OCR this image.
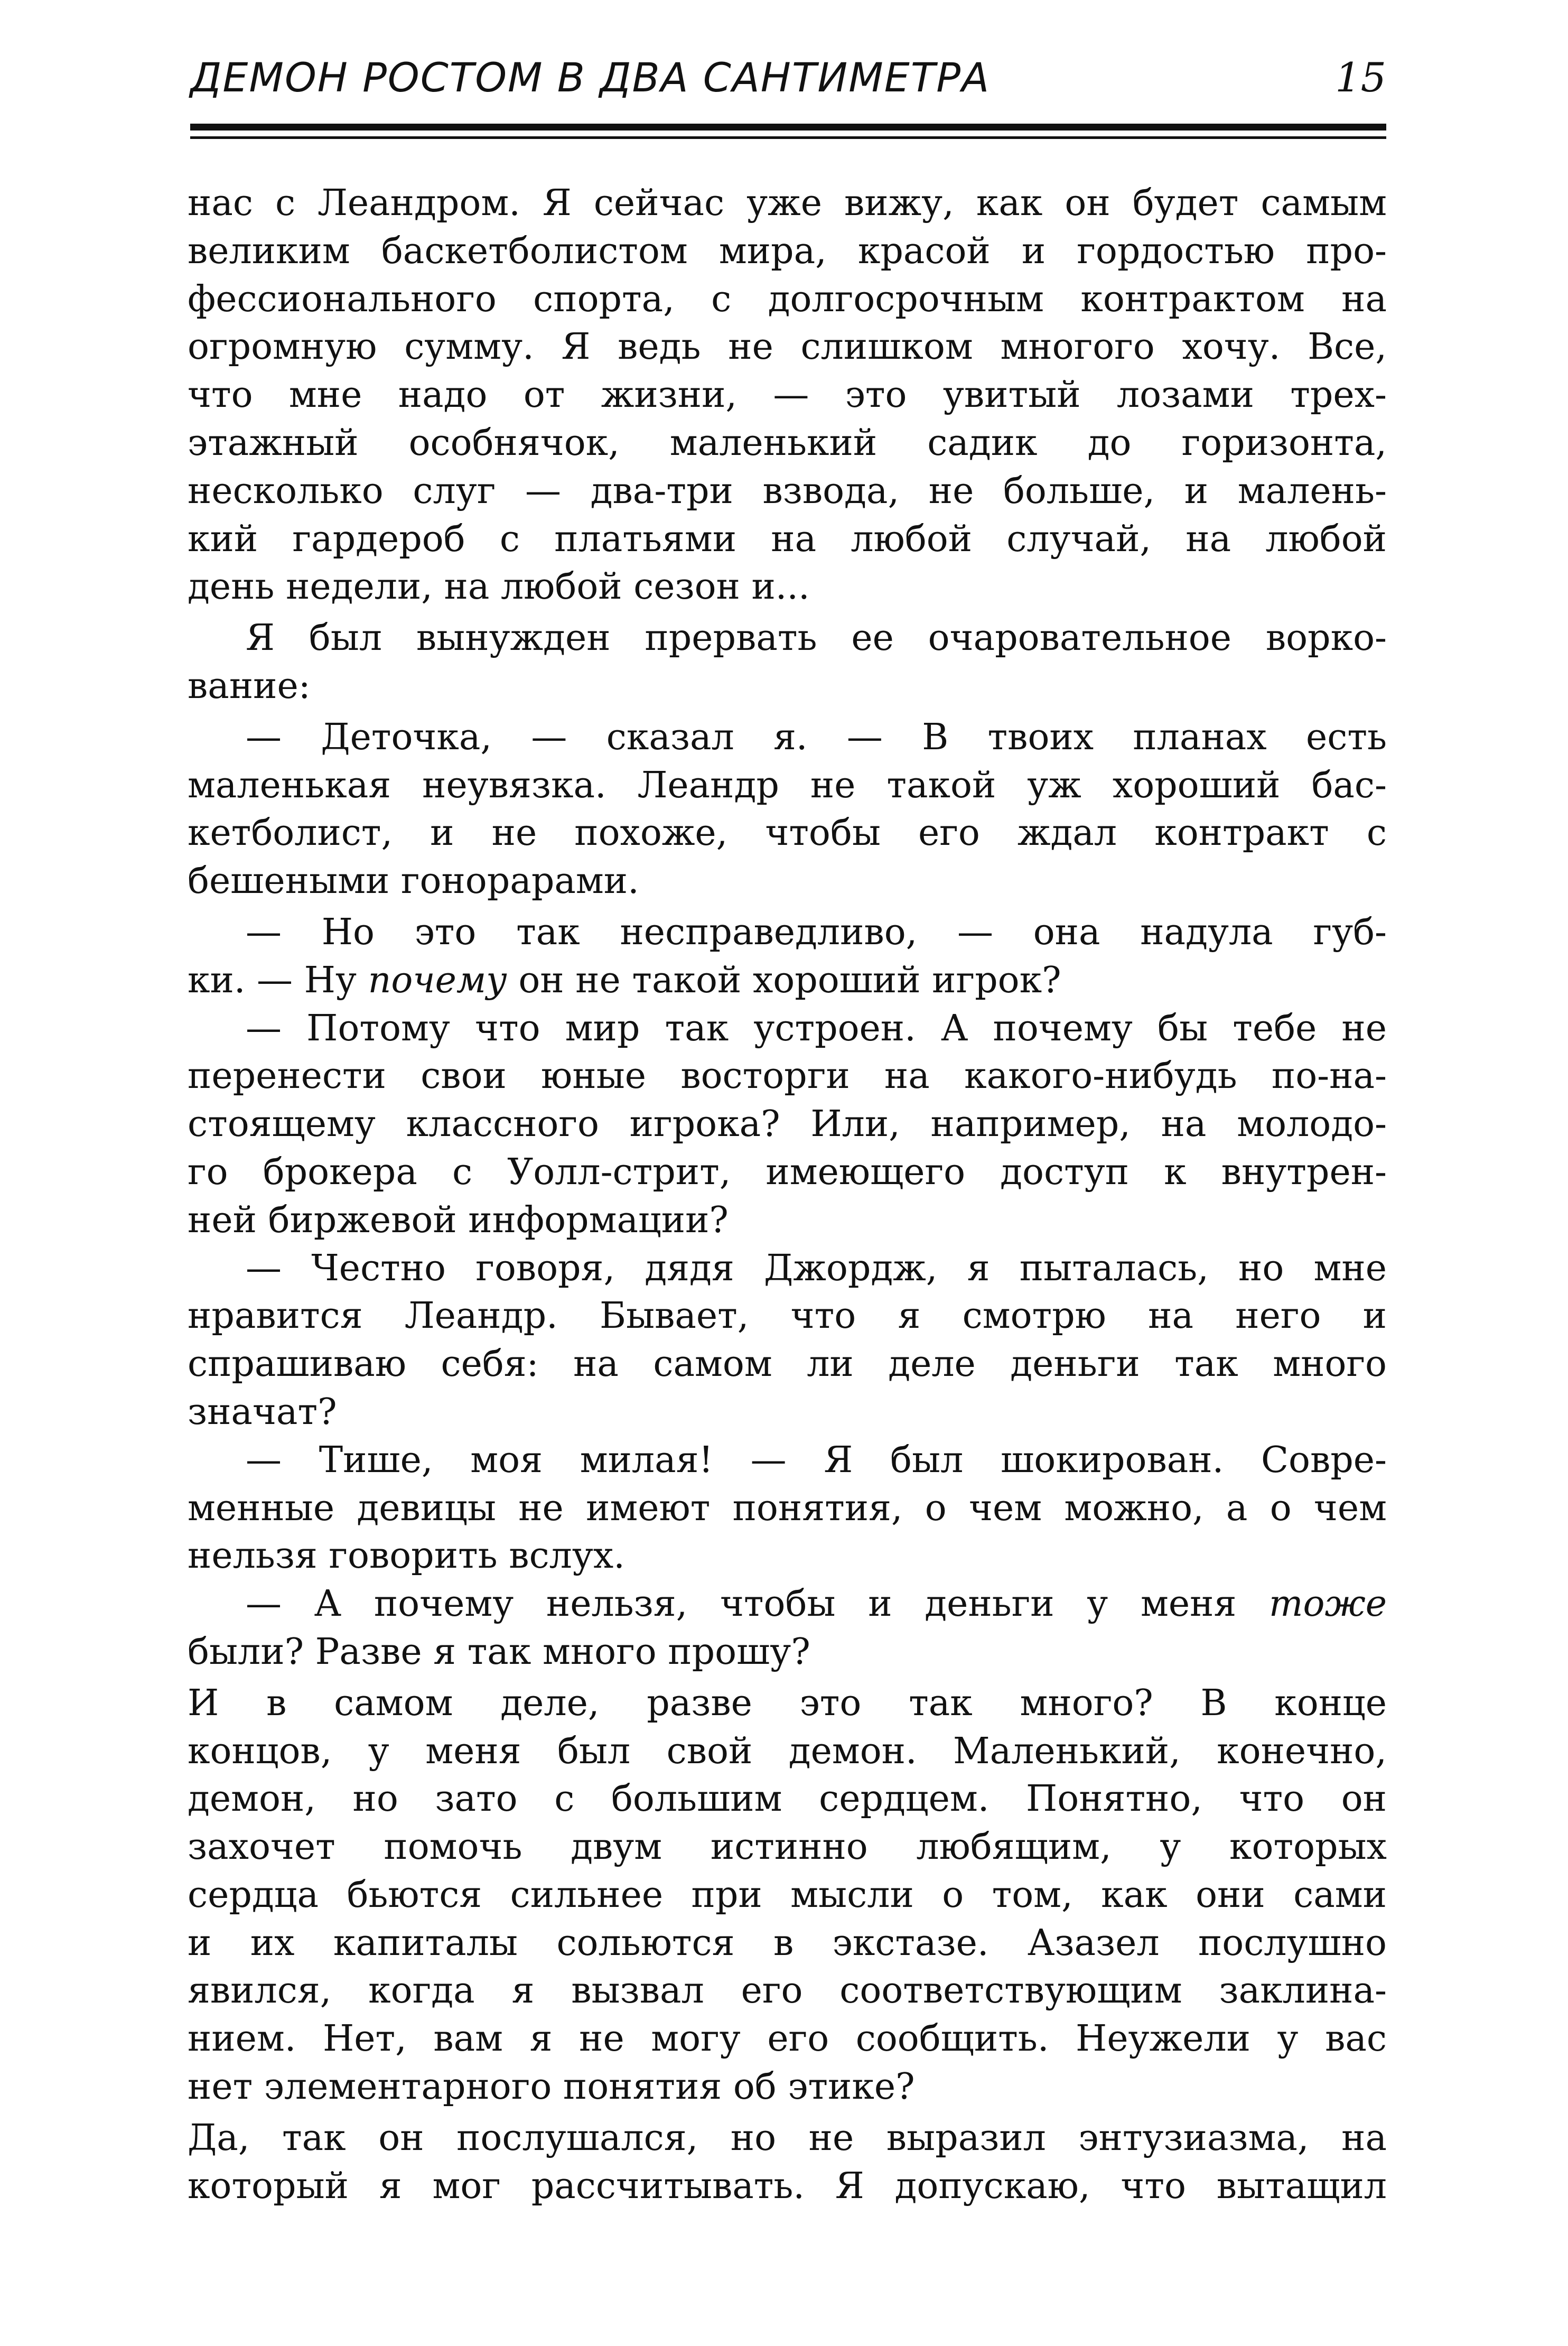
ДЕМОН РОСТОМ В ДВА САНТИМЕТРА	15
нас с Леандром. Я сейчас уже вижу, как он будет самым
великим баскетболистом мира, красой и гордостью про-
фессионального спорта, с долгосрочным контрактом на
огромную сумму. Я ведь не слишком многого хочу. Все,
что мне надо от жизни, — это увитый лозами трех-
этажный особнячок, маленький садик до горизонта,
несколько слуг — два-три взвода, не больше, и малень-
кий гардероб с платьями на любой случай, на любой
день недели, на любой сезон и...
Я был вынужден прервать ее очаровательное ворко-
вание:
— Деточка, — сказал я. — В твоих планах есть
маленькая неувязка. Леандр не такой уж хороший бас-
кетболист, и не похоже, чтобы его ждал контракт с
бешеными гонорарами.
— Но это так несправедливо, — она надула губ-
ки. — Ну почему он не такой хороший игрок?
— Потому что мир так устроен. А почему бы тебе не
перенести свои юные восторги на какого-нибудь по-на-
стоящему классного игрока? Или, например, на молодо-
го брокера с Уолл-стрит, имеющего доступ к внутрен-
ней биржевой информации?
— Честно говоря, дядя Джордж, я пыталась, но мне
нравится Леандр. Бывает, что я смотрю на него и
спрашиваю себя: на самом ли деле деньги так много
значат?
— Тише, моя милая! — Я был шокирован. Совре-
менные девицы не имеют понятия, о чем можно, а о чем
нельзя говорить вслух.
— А почему нельзя, чтобы и деньги у меня тоже
были? Разве я так много прошу?
И в самом деле, разве это так много? В конце
концов, у меня был свой демон. Маленький, конечно,
демон, но зато с большим сердцем. Понятно, что он
захочет помочь двум истинно любящим, у которых
сердца бьются сильнее при мысли о том, как они сами
и их капиталы сольются в экстазе. Азазел послушно
явился, когда я вызвал его соответствующим заклина-
нием. Нет, вам я не могу его сообщить. Неужели у вас
нет элементарного понятия об этике?
Да, так он послушался, но не выразил энтузиазма, на
который я мог рассчитывать. Я допускаю, что вытащил
